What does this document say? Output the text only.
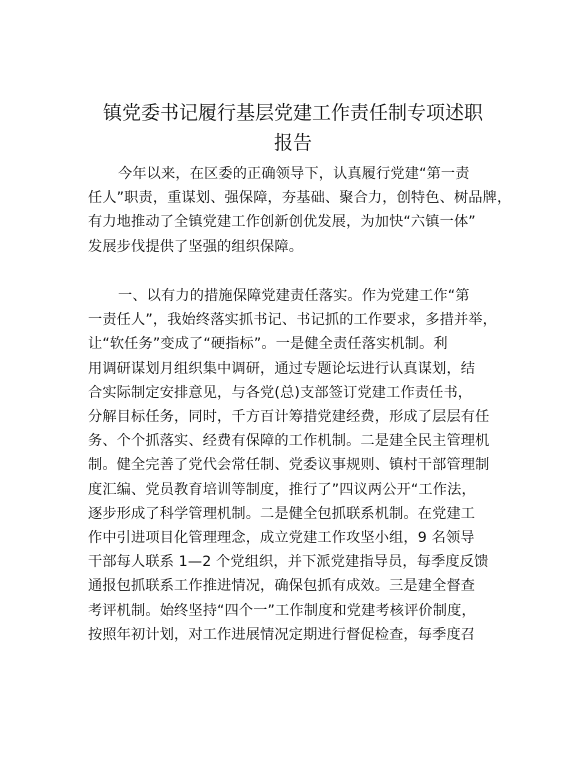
镇党委书记履行基层党建工作责任制专项述职
报告

今年以来，在区委的正确领导下，认真履行党建“第一责
任人”职责，重谋划、强保障，夯基础、聚合力，创特色、树品牌，
有力地推动了全镇党建工作创新创优发展，为加快“六镇一体”
发展步伐提供了坚强的组织保障。

一、以有力的措施保障党建责任落实。作为党建工作“第
一责任人”，我始终落实抓书记、书记抓的工作要求，多措并举，
让“软任务”变成了“硬指标”。一是健全责任落实机制。利
用调研谋划月组织集中调研，通过专题论坛进行认真谋划，结
合实际制定安排意见，与各党(总)支部签订党建工作责任书，
分解目标任务，同时，千方百计筹措党建经费，形成了层层有任
务、个个抓落实、经费有保障的工作机制。二是建全民主管理机
制。健全完善了党代会常任制、党委议事规则、镇村干部管理制
度汇编、党员教育培训等制度，推行了”四议两公开“工作法，
逐步形成了科学管理机制。二是健全包抓联系机制。在党建工
作中引进项目化管理理念，成立党建工作攻坚小组，9 名领导
干部每人联系 1—2 个党组织，并下派党建指导员，每季度反馈
通报包抓联系工作推进情况，确保包抓有成效。三是建全督查
考评机制。始终坚持“四个一”工作制度和党建考核评价制度，
按照年初计划，对工作进展情况定期进行督促检查，每季度召
